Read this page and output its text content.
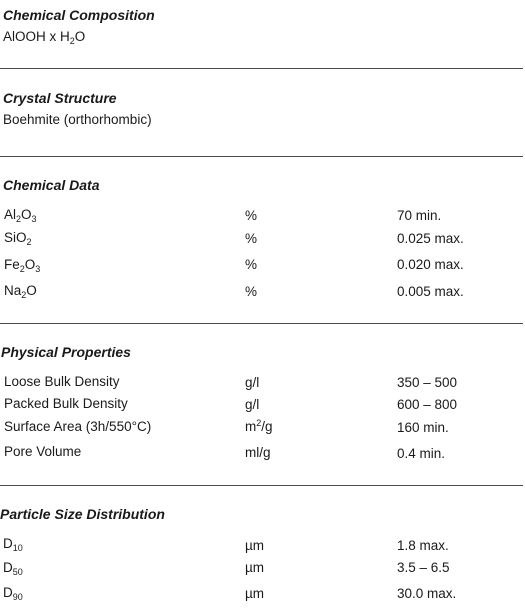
Chemical Composition
AlOOH x $H_2O$
Crystal Structure
Boehmite (orthorhombic)
Chemical Data
$Al_2O_3$	%	70 min.
SiO$_2$	%	0.025 max.
$Fe_2O_3$	%	0.020 max.
$Na_2O$	%	0.005 max.
Physical Properties
Loose Bulk Density	g/l	350 – 500
Packed Bulk Density	g/l	600 – 800
Surface Area (3h/550°C)	$m^2/g$	160 min.
Pore Volume	ml/g	0.4 min.
Particle Size Distribution
$D_{10}$	µm	1.8 max.
$D_{50}$	µm	3.5 – 6.5
$D_{90}$	µm	30.0 max.
